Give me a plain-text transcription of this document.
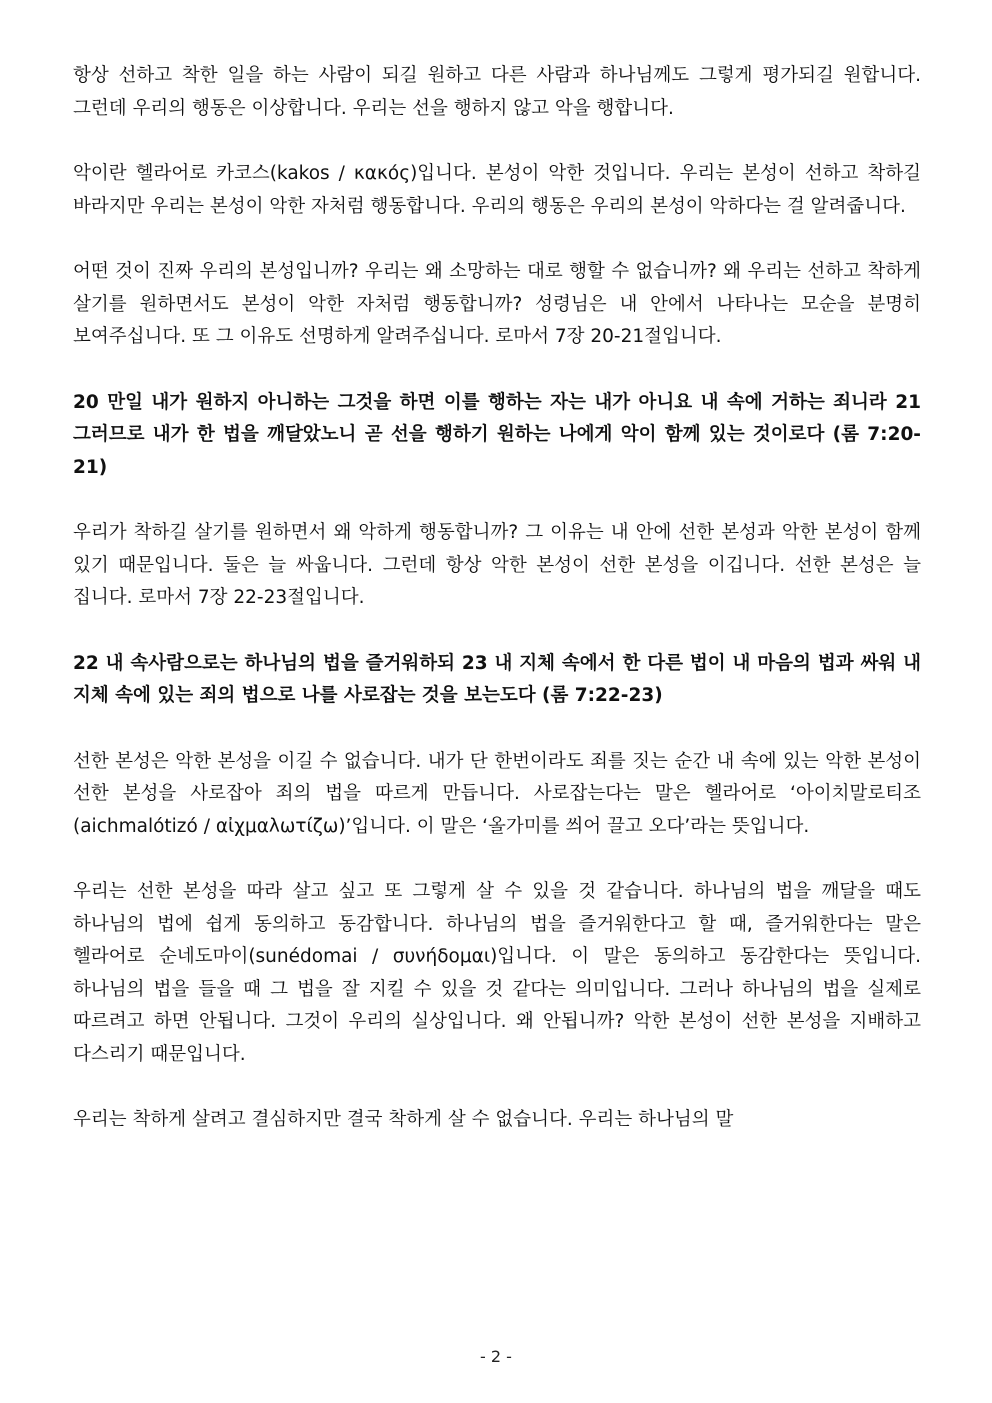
항상 선하고 착한 일을 하는 사람이 되길 원하고 다른 사람과 하나님께도 그렇게 평가되길 원합니다. 그런데 우리의 행동은 이상합니다. 우리는 선을 행하지 않고 악을 행합니다.

악이란 헬라어로 카코스(kakos / κακός)입니다. 본성이 악한 것입니다. 우리는 본성이 선하고 착하길 바라지만 우리는 본성이 악한 자처럼 행동합니다. 우리의 행동은 우리의 본성이 악하다는 걸 알려줍니다.

어떤 것이 진짜 우리의 본성입니까? 우리는 왜 소망하는 대로 행할 수 없습니까? 왜 우리는 선하고 착하게 살기를 원하면서도 본성이 악한 자처럼 행동합니까? 성령님은 내 안에서 나타나는 모순을 분명히 보여주십니다. 또 그 이유도 선명하게 알려주십니다. 로마서 7장 20-21절입니다.

20 만일 내가 원하지 아니하는 그것을 하면 이를 행하는 자는 내가 아니요 내 속에 거하는 죄니라 21 그러므로 내가 한 법을 깨달았노니 곧 선을 행하기 원하는 나에게 악이 함께 있는 것이로다 (롬 7:20-21)

우리가 착하길 살기를 원하면서 왜 악하게 행동합니까? 그 이유는 내 안에 선한 본성과 악한 본성이 함께 있기 때문입니다. 둘은 늘 싸웁니다. 그런데 항상 악한 본성이 선한 본성을 이깁니다. 선한 본성은 늘 집니다. 로마서 7장 22-23절입니다.

22 내 속사람으로는 하나님의 법을 즐거워하되 23 내 지체 속에서 한 다른 법이 내 마음의 법과 싸워 내 지체 속에 있는 죄의 법으로 나를 사로잡는 것을 보는도다 (롬 7:22-23)

선한 본성은 악한 본성을 이길 수 없습니다. 내가 단 한번이라도 죄를 짓는 순간 내 속에 있는 악한 본성이 선한 본성을 사로잡아 죄의 법을 따르게 만듭니다. 사로잡는다는 말은 헬라어로 ‘아이치말로티조(aichmalótizó / αἰχμαλωτίζω)’입니다. 이 말은 ‘올가미를 씌어 끌고 오다’라는 뜻입니다.

우리는 선한 본성을 따라 살고 싶고 또 그렇게 살 수 있을 것 같습니다. 하나님의 법을 깨달을 때도 하나님의 법에 쉽게 동의하고 동감합니다. 하나님의 법을 즐거워한다고 할 때, 즐거워한다는 말은 헬라어로 순네도마이(sunédomai / συνήδομαι)입니다. 이 말은 동의하고 동감한다는 뜻입니다. 하나님의 법을 들을 때 그 법을 잘 지킬 수 있을 것 같다는 의미입니다. 그러나 하나님의 법을 실제로 따르려고 하면 안됩니다. 그것이 우리의 실상입니다. 왜 안됩니까? 악한 본성이 선한 본성을 지배하고 다스리기 때문입니다.

우리는 착하게 살려고 결심하지만 결국 착하게 살 수 없습니다. 우리는 하나님의 말

- 2 -
